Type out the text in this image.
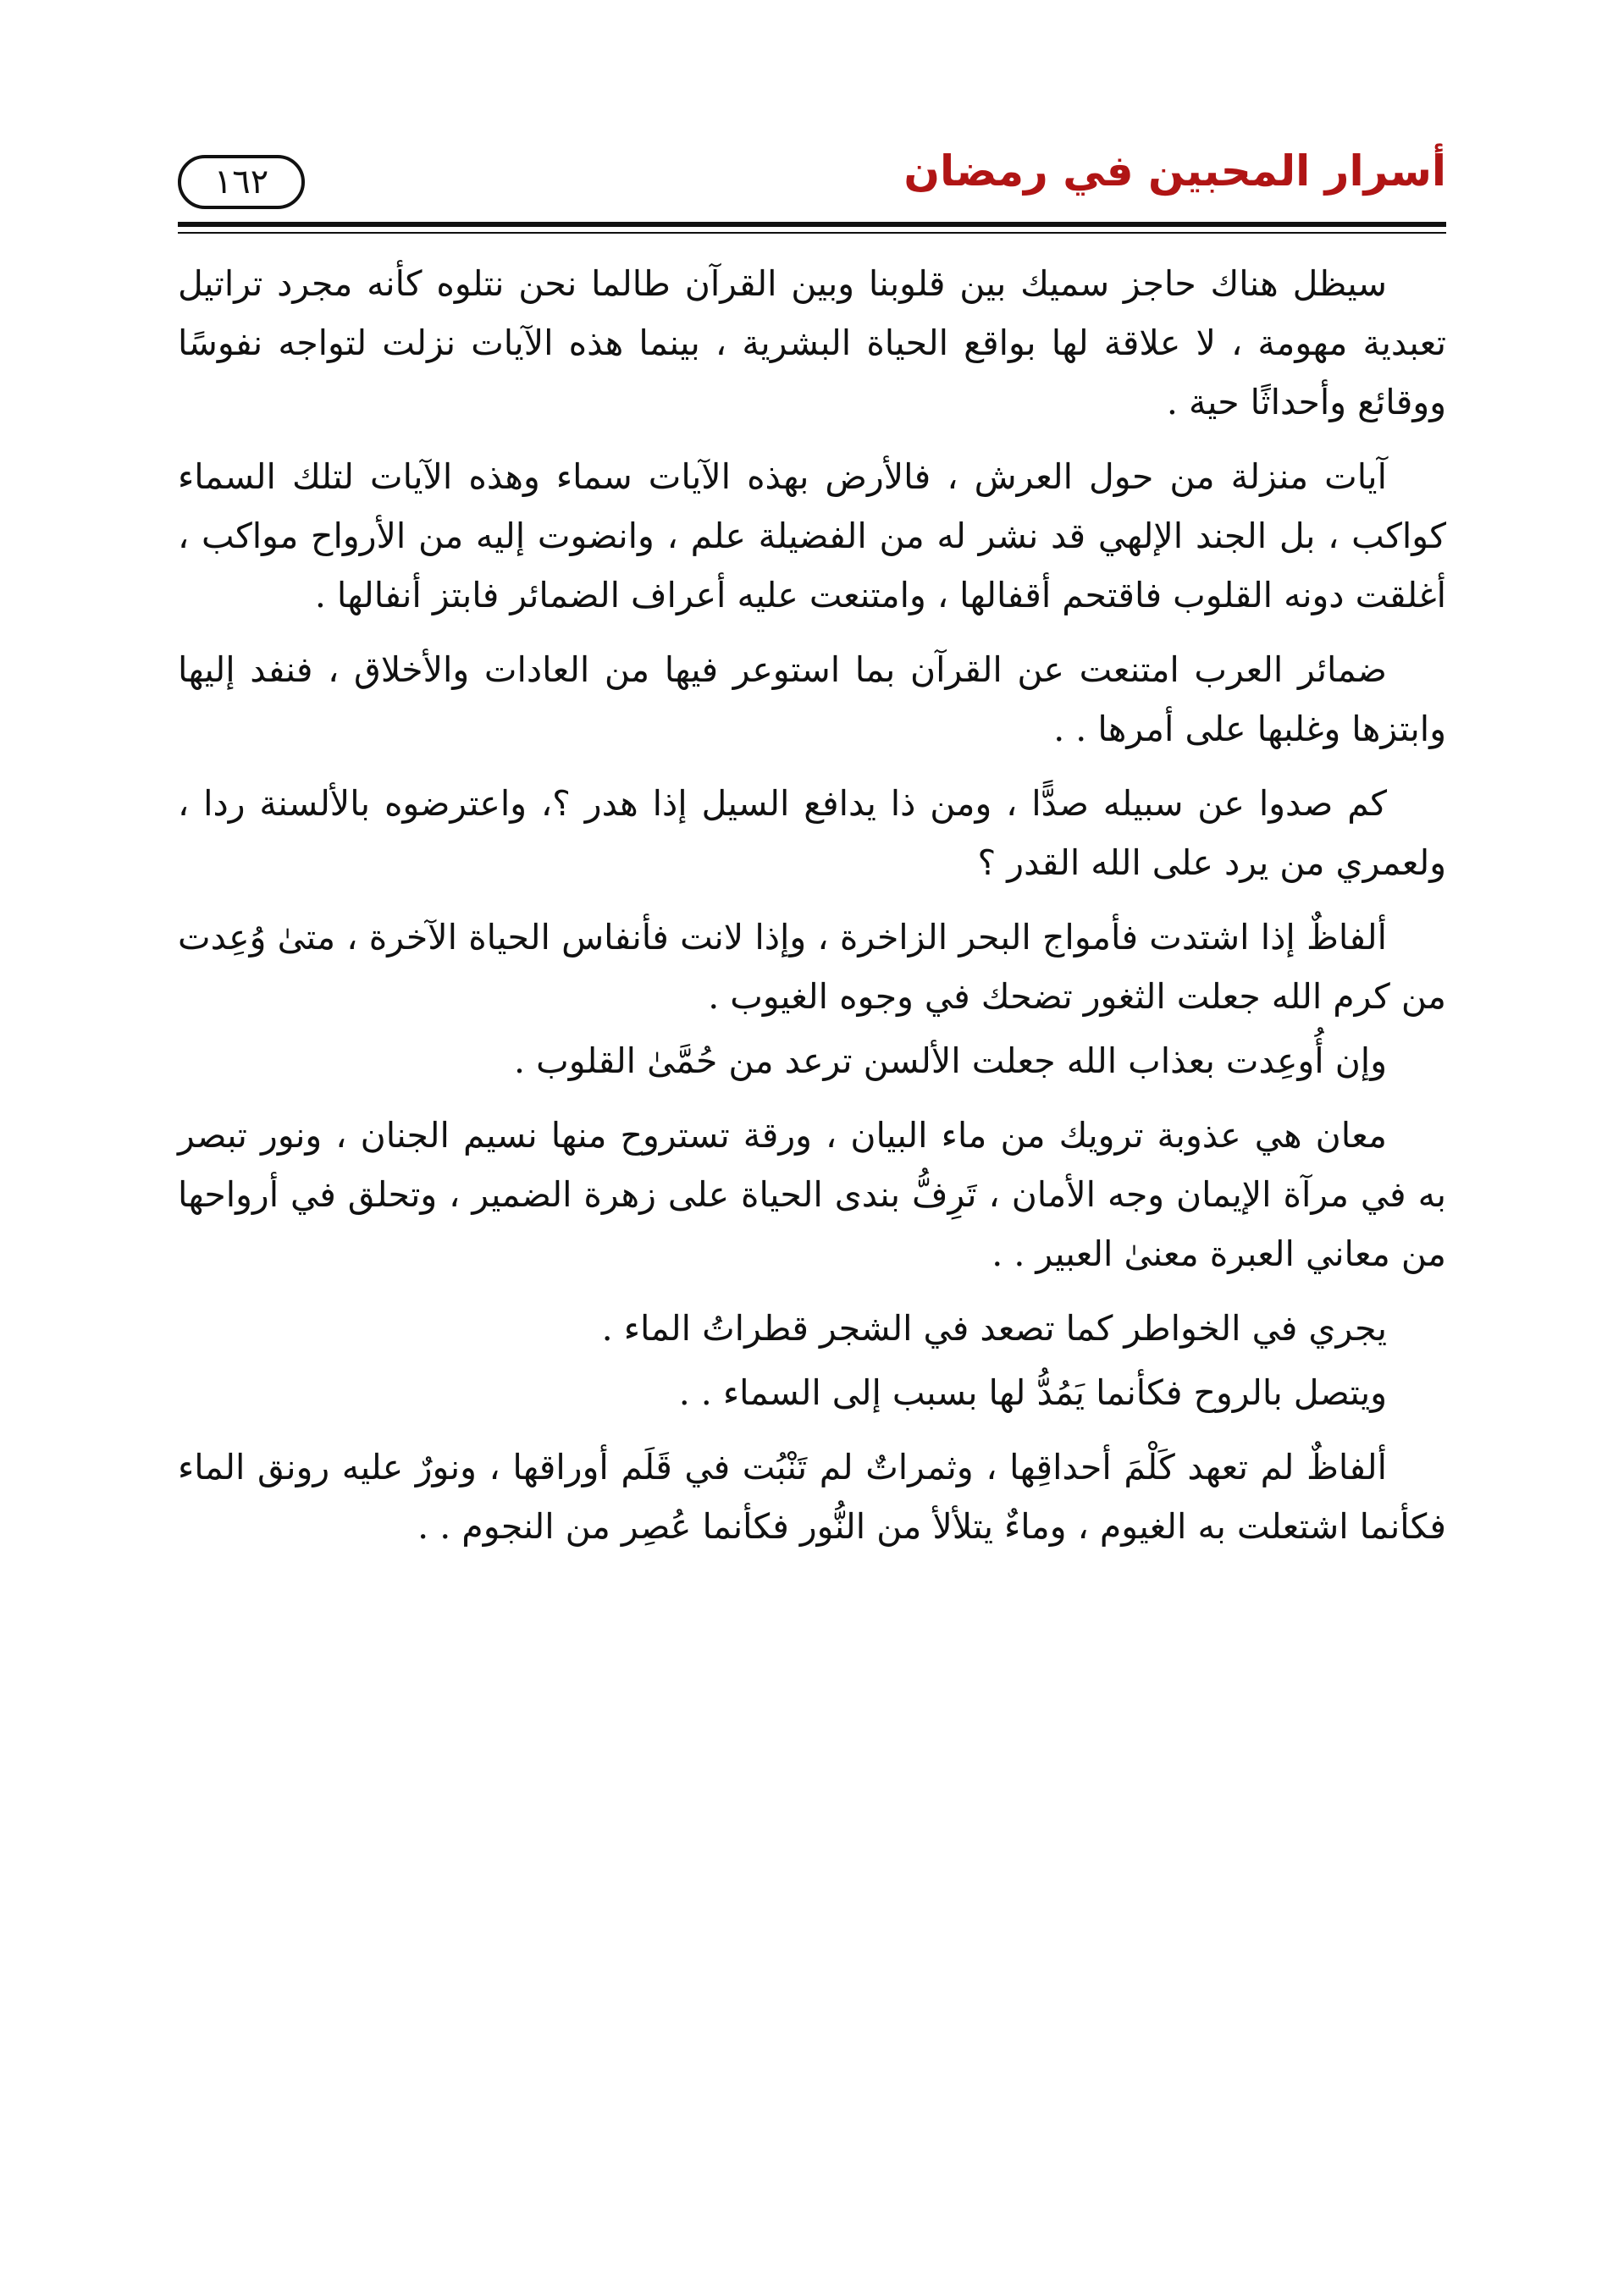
أسرار المحبين في رمضان
١٦٢

سيظل هناك حاجز سميك بين قلوبنا وبين القرآن طالما نحن نتلوه كأنه مجرد تراتيل تعبدية مهومة ، لا علاقة لها بواقع الحياة البشرية ، بينما هذه الآيات نزلت لتواجه نفوسًا ووقائع وأحداثًا حية .

آيات منزلة من حول العرش ، فالأرض بهذه الآيات سماء وهذه الآيات لتلك السماء كواكب ، بل الجند الإلهي قد نشر له من الفضيلة علم ، وانضوت إليه من الأرواح مواكب ، أغلقت دونه القلوب فاقتحم أقفالها ، وامتنعت عليه أعراف الضمائر فابتز أنفالها .

ضمائر العرب امتنعت عن القرآن بما استوعر فيها من العادات والأخلاق ، فنفد إليها وابتزها وغلبها على أمرها . .

كم صدوا عن سبيله صدًّا ، ومن ذا يدافع السيل إذا هدر ؟، واعترضوه بالألسنة ردا ، ولعمري من يرد على الله القدر ؟

ألفاظٌ إذا اشتدت فأمواج البحر الزاخرة ، وإذا لانت فأنفاس الحياة الآخرة ، متىٰ وُعِدت من كرم الله جعلت الثغور تضحك في وجوه الغيوب .

وإن أُوعِدت بعذاب الله جعلت الألسن ترعد من حُمَّىٰ القلوب .

معان هي عذوبة ترويك من ماء البيان ، ورقة تستروح منها نسيم الجنان ، ونور تبصر به في مرآة الإيمان وجه الأمان ، تَرِفُّ بندى الحياة على زهرة الضمير ، وتحلق في أرواحها من معاني العبرة معنىٰ العبير . .

يجري في الخواطر كما تصعد في الشجر قطراتُ الماء .

ويتصل بالروح فكأنما يَمُدُّ لها بسبب إلى السماء . .

ألفاظٌ لم تعهد كَلْمَ أحداقِها ، وثمراتٌ لم تَنْبُت في قَلَم أوراقها ، ونورٌ عليه رونق الماء فكأنما اشتعلت به الغيوم ، وماءٌ يتلألأ من النُّور فكأنما عُصِر من النجوم . .
